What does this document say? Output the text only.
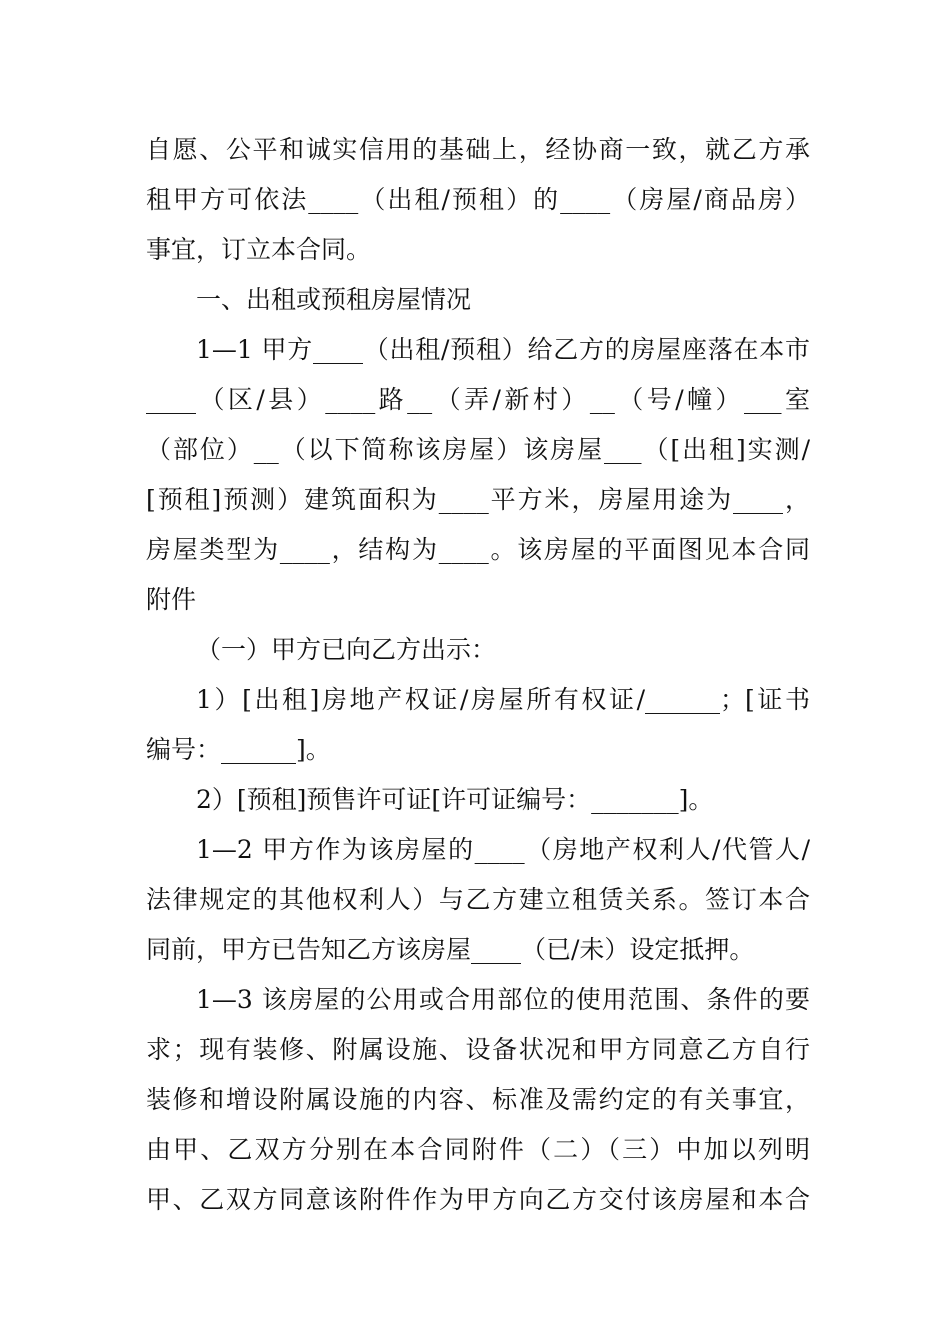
自愿、公平和诚实信用的基础上，经协商一致，就乙方承
租甲方可依法____（出租/预租）的____（房屋/商品房）
事宜，订立本合同。
一、出租或预租房屋情况
1—1 甲方____（出租/预租）给乙方的房屋座落在本市
____（区/县）____路__（弄/新村）__（号/幢）___室
（部位）__（以下简称该房屋）该房屋___（[出租]实测/
[预租]预测）建筑面积为____平方米，房屋用途为____，
房屋类型为____，结构为____。该房屋的平面图见本合同
附件
（一）甲方已向乙方出示：
1）[出租]房地产权证/房屋所有权证/______；[证书
编号：______]。
2）[预租]预售许可证[许可证编号：_______]。
1—2 甲方作为该房屋的____（房地产权利人/代管人/
法律规定的其他权利人）与乙方建立租赁关系。签订本合
同前，甲方已告知乙方该房屋____（已/未）设定抵押。
1—3 该房屋的公用或合用部位的使用范围、条件的要
求；现有装修、附属设施、设备状况和甲方同意乙方自行
装修和增设附属设施的内容、标准及需约定的有关事宜，
由甲、乙双方分别在本合同附件（二）（三）中加以列明
甲、乙双方同意该附件作为甲方向乙方交付该房屋和本合
